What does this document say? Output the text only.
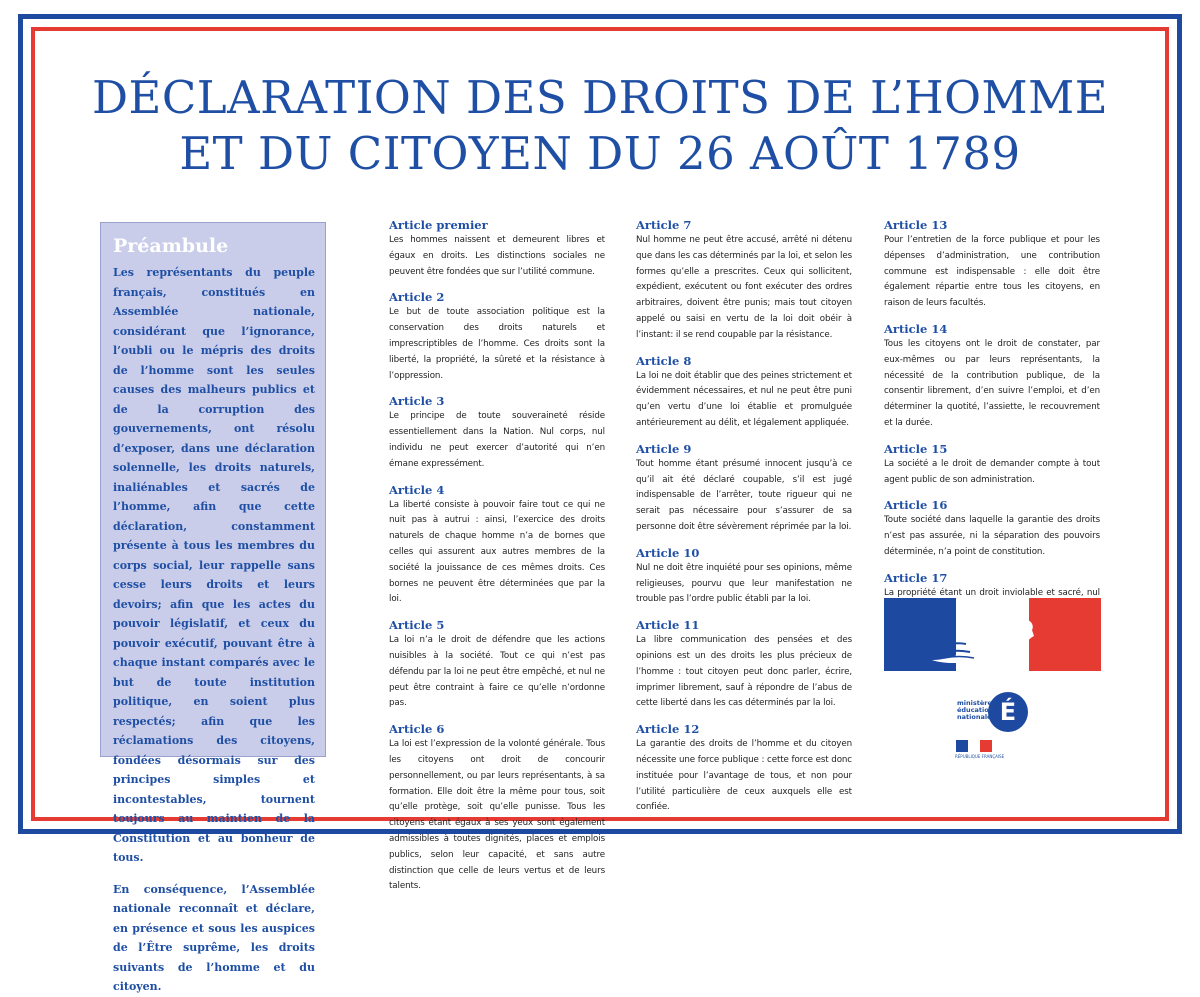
DÉCLARATION DES DROITS DE L’HOMME
ET DU CITOYEN DU 26 AOÛT 1789
Préambule

Les représentants du peuple français, constitués en Assemblée nationale, considérant que l’ignorance, l’oubli ou le mépris des droits de l’homme sont les seules causes des malheurs publics et de la corruption des gouvernements, ont résolu d’exposer, dans une déclaration solennelle, les droits naturels, inaliénables et sacrés de l’homme, afin que cette déclaration, constamment présente à tous les membres du corps social, leur rappelle sans cesse leurs droits et leurs devoirs; afin que les actes du pouvoir législatif, et ceux du pouvoir exécutif, pouvant être à chaque instant comparés avec le but de toute institution politique, en soient plus respectés; afin que les réclamations des citoyens, fondées désormais sur des principes simples et incontestables, tournent toujours au maintien de la Constitution et au bonheur de tous.

En conséquence, l’Assemblée nationale reconnaît et déclare, en présence et sous les auspices de l’Être suprême, les droits suivants de l’homme et du citoyen.

Article premier

Les hommes naissent et demeurent libres et égaux en droits. Les distinctions sociales ne peuvent être fondées que sur l’utilité commune.

Article 2

Le but de toute association politique est la conservation des droits naturels et imprescriptibles de l’homme. Ces droits sont la liberté, la propriété, la sûreté et la résistance à l’oppression.

Article 3

Le principe de toute souveraineté réside essentiellement dans la Nation. Nul corps, nul individu ne peut exercer d’autorité qui n’en émane expressément.

Article 4

La liberté consiste à pouvoir faire tout ce qui ne nuit pas à autrui : ainsi, l’exercice des droits naturels de chaque homme n’a de bornes que celles qui assurent aux autres membres de la société la jouissance de ces mêmes droits. Ces bornes ne peuvent être déterminées que par la loi.

Article 5

La loi n’a le droit de défendre que les actions nuisibles à la société. Tout ce qui n’est pas défendu par la loi ne peut être empêché, et nul ne peut être contraint à faire ce qu’elle n’ordonne pas.

Article 6

La loi est l’expression de la volonté générale. Tous les citoyens ont droit de concourir personnellement, ou par leurs représentants, à sa formation. Elle doit être la même pour tous, soit qu’elle protège, soit qu’elle punisse. Tous les citoyens étant égaux à ses yeux sont également admissibles à toutes dignités, places et emplois publics, selon leur capacité, et sans autre distinction que celle de leurs vertus et de leurs talents.

Article 7

Nul homme ne peut être accusé, arrêté ni détenu que dans les cas déterminés par la loi, et selon les formes qu’elle a prescrites. Ceux qui sollicitent, expédient, exécutent ou font exécuter des ordres arbitraires, doivent être punis; mais tout citoyen appelé ou saisi en vertu de la loi doit obéir à l’instant: il se rend coupable par la résistance.

Article 8

La loi ne doit établir que des peines strictement et évidemment nécessaires, et nul ne peut être puni qu’en vertu d’une loi établie et promulguée antérieurement au délit, et légalement appliquée.

Article 9

Tout homme étant présumé innocent jusqu’à ce qu’il ait été déclaré coupable, s’il est jugé indispensable de l’arrêter, toute rigueur qui ne serait pas nécessaire pour s’assurer de sa personne doit être sévèrement réprimée par la loi.

Article 10

Nul ne doit être inquiété pour ses opinions, même religieuses, pourvu que leur manifestation ne trouble pas l’ordre public établi par la loi.

Article 11

La libre communication des pensées et des opinions est un des droits les plus précieux de l’homme : tout citoyen peut donc parler, écrire, imprimer librement, sauf à répondre de l’abus de cette liberté dans les cas déterminés par la loi.

Article 12

La garantie des droits de l’homme et du citoyen nécessite une force publique : cette force est donc instituée pour l’avantage de tous, et non pour l’utilité particulière de ceux auxquels elle est confiée.

Article 13

Pour l’entretien de la force publique et pour les dépenses d’administration, une contribution commune est indispensable : elle doit être également répartie entre tous les citoyens, en raison de leurs facultés.

Article 14

Tous les citoyens ont le droit de constater, par eux-mêmes ou par leurs représentants, la nécessité de la contribution publique, de la consentir librement, d’en suivre l’emploi, et d’en déterminer la quotité, l’assiette, le recouvrement et la durée.

Article 15

La société a le droit de demander compte à tout agent public de son administration.

Article 16

Toute société dans laquelle la garantie des droits n’est pas assurée, ni la séparation des pouvoirs déterminée, n’a point de constitution.

Article 17

La propriété étant un droit inviolable et sacré, nul

É
ministère éducation nationale
RÉPUBLIQUE FRANÇAISE
